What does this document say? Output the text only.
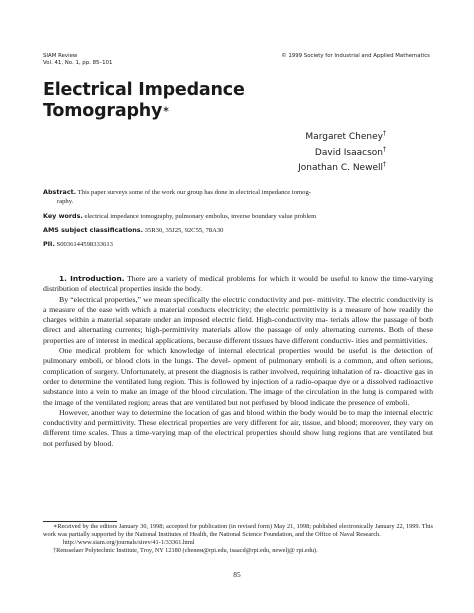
SIAM Review
Vol. 41, No. 1, pp. 85–101
© 1999 Society for Industrial and Applied Mathematics
Electrical Impedance
Tomography∗
Margaret Cheney†
David Isaacson†
Jonathan C. Newell†
Abstract. This paper surveys some of the work our group has done in electrical impedance tomog-
raphy.
Key words. electrical impedance tomography, pulmonary embolus, inverse boundary value problem
AMS subject classifications. 35R30, 35J25, 92C55, 78A30
PII. S0036144598333613

1. Introduction. There are a variety of medical problems for which it would be useful to know the time-varying distribution of electrical properties inside the body.

By “electrical properties,” we mean specifically the electric conductivity and per- mittivity. The electric conductivity is a measure of the ease with which a material conducts electricity; the electric permittivity is a measure of how readily the charges within a material separate under an imposed electric field. High-conductivity ma- terials allow the passage of both direct and alternating currents; high-permittivity materials allow the passage of only alternating currents. Both of these properties are of interest in medical applications, because different tissues have different conductiv- ities and permittivities.

One medical problem for which knowledge of internal electrical properties would be useful is the detection of pulmonary emboli, or blood clots in the lungs. The devel- opment of pulmonary emboli is a common, and often serious, complication of surgery. Unfortunately, at present the diagnosis is rather involved, requiring inhalation of ra- dioactive gas in order to determine the ventilated lung region. This is followed by injection of a radio-opaque dye or a dissolved radioactive substance into a vein to make an image of the blood circulation. The image of the circulation in the lung is compared with the image of the ventilated region; areas that are ventilated but not perfused by blood indicate the presence of emboli.

However, another way to determine the location of gas and blood within the body would be to map the internal electric conductivity and permittivity. These electrical properties are very different for air, tissue, and blood; moreover, they vary on different time scales. Thus a time-varying map of the electrical properties should show lung regions that are ventilated but not perfused by blood.

∗Received by the editors January 30, 1998; accepted for publication (in revised form) May 21, 1998; published electronically January 22, 1999. This work was partially supported by the National Institutes of Health, the National Science Foundation, and the Office of Naval Research.

http://www.siam.org/journals/sirev/41-1/33361.html

†Rensselaer Polytechnic Institute, Troy, NY 12180 (cheneм@rpi.edu, isaacd@rpi.edu, newelj@ rpi.edu).

85
